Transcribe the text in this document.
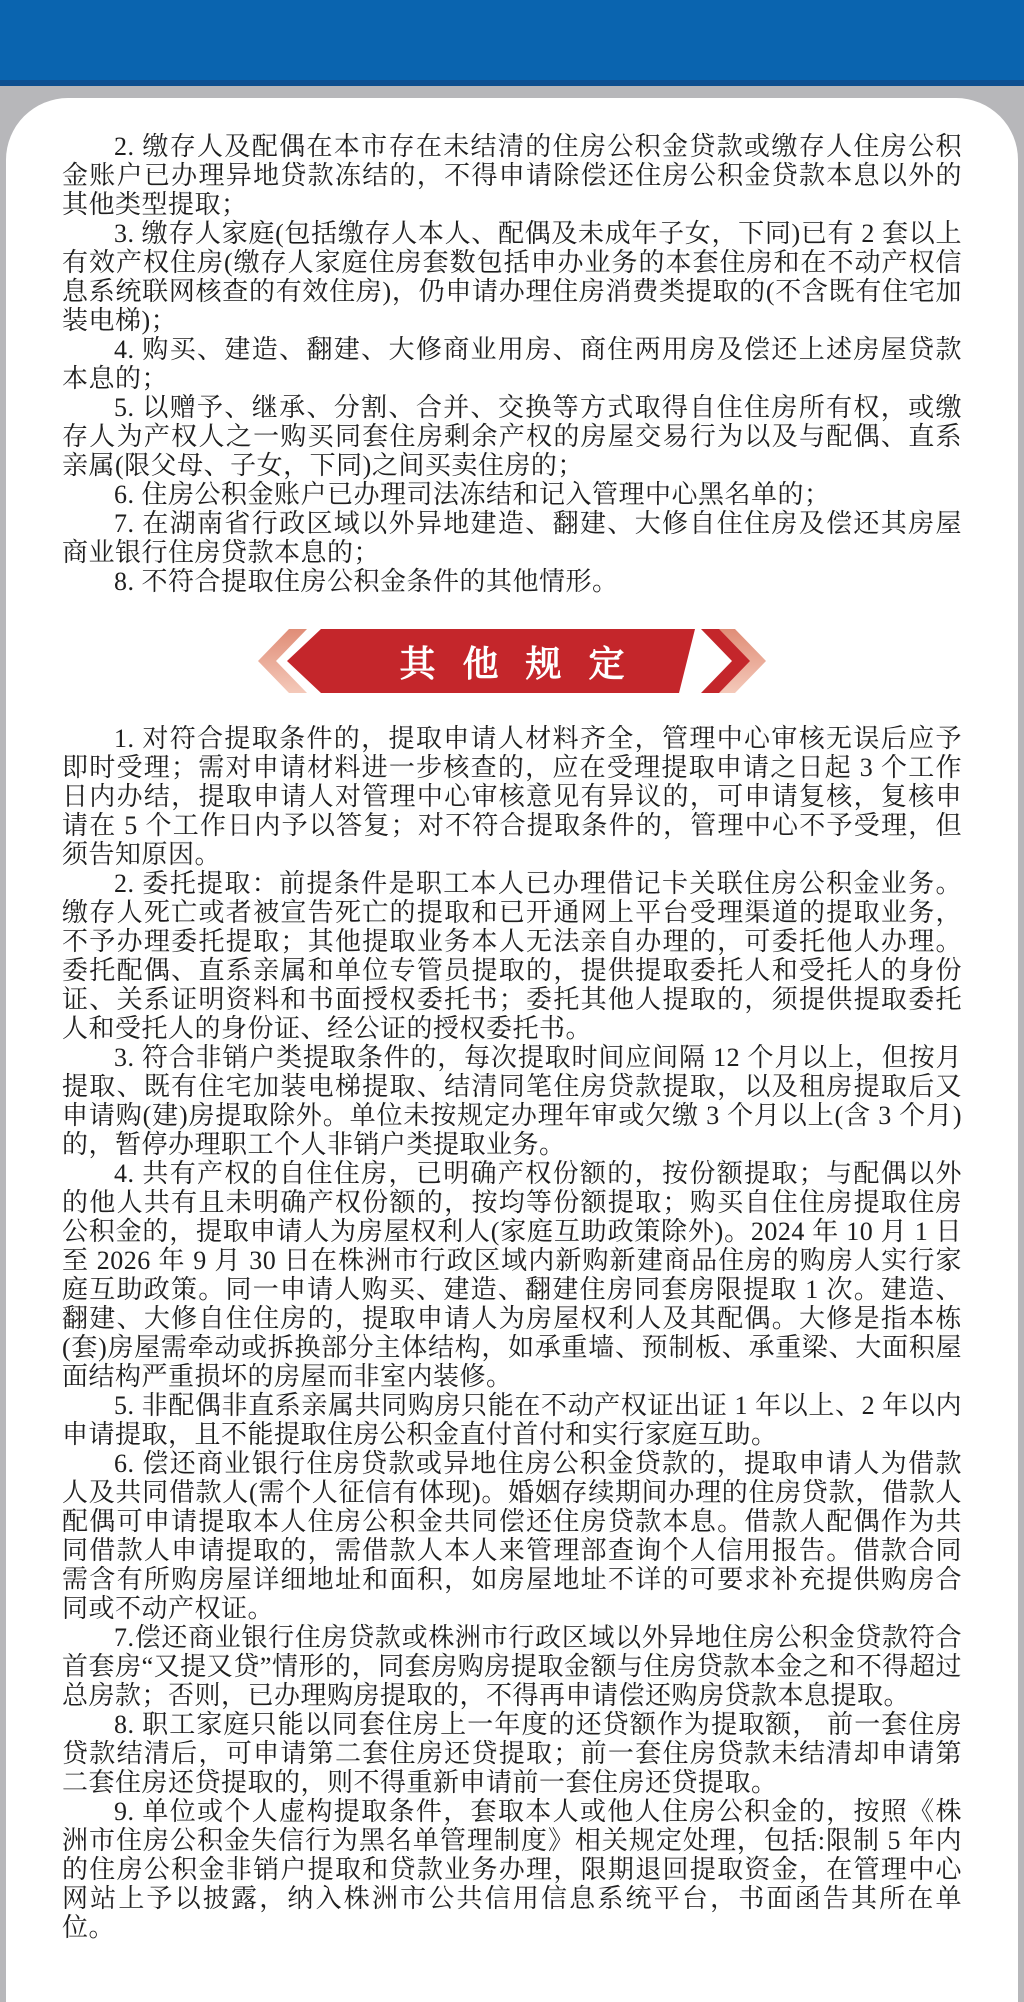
2. 缴存人及配偶在本市存在未结清的住房公积金贷款或缴存人住房公积金账户已办理异地贷款冻结的，不得申请除偿还住房公积金贷款本息以外的其他类型提取；

3. 缴存人家庭(包括缴存人本人、配偶及未成年子女，下同)已有 2 套以上有效产权住房(缴存人家庭住房套数包括申办业务的本套住房和在不动产权信息系统联网核查的有效住房)，仍申请办理住房消费类提取的(不含既有住宅加装电梯)；

4. 购买、建造、翻建、大修商业用房、商住两用房及偿还上述房屋贷款本息的；

5. 以赠予、继承、分割、合并、交换等方式取得自住住房所有权，或缴存人为产权人之一购买同套住房剩余产权的房屋交易行为以及与配偶、直系亲属(限父母、子女，下同)之间买卖住房的；

6. 住房公积金账户已办理司法冻结和记入管理中心黑名单的；

7. 在湖南省行政区域以外异地建造、翻建、大修自住住房及偿还其房屋商业银行住房贷款本息的；

8. 不符合提取住房公积金条件的其他情形。

其 他 规 定

1. 对符合提取条件的，提取申请人材料齐全，管理中心审核无误后应予即时受理；需对申请材料进一步核查的，应在受理提取申请之日起 3 个工作日内办结，提取申请人对管理中心审核意见有异议的，可申请复核，复核申请在 5 个工作日内予以答复；对不符合提取条件的，管理中心不予受理，但须告知原因。

2. 委托提取：前提条件是职工本人已办理借记卡关联住房公积金业务。缴存人死亡或者被宣告死亡的提取和已开通网上平台受理渠道的提取业务，不予办理委托提取；其他提取业务本人无法亲自办理的，可委托他人办理。委托配偶、直系亲属和单位专管员提取的，提供提取委托人和受托人的身份证、关系证明资料和书面授权委托书；委托其他人提取的，须提供提取委托人和受托人的身份证、经公证的授权委托书。

3. 符合非销户类提取条件的，每次提取时间应间隔 12 个月以上，但按月提取、既有住宅加装电梯提取、结清同笔住房贷款提取，以及租房提取后又申请购(建)房提取除外。单位未按规定办理年审或欠缴 3 个月以上(含 3 个月)的，暂停办理职工个人非销户类提取业务。

4. 共有产权的自住住房，已明确产权份额的，按份额提取；与配偶以外的他人共有且未明确产权份额的，按均等份额提取；购买自住住房提取住房公积金的，提取申请人为房屋权利人(家庭互助政策除外)。2024 年 10 月 1 日至 2026 年 9 月 30 日在株洲市行政区域内新购新建商品住房的购房人实行家庭互助政策。同一申请人购买、建造、翻建住房同套房限提取 1 次。建造、翻建、大修自住住房的，提取申请人为房屋权利人及其配偶。大修是指本栋(套)房屋需牵动或拆换部分主体结构，如承重墙、预制板、承重梁、大面积屋面结构严重损坏的房屋而非室内装修。

5. 非配偶非直系亲属共同购房只能在不动产权证出证 1 年以上、2 年以内申请提取，且不能提取住房公积金直付首付和实行家庭互助。

6. 偿还商业银行住房贷款或异地住房公积金贷款的，提取申请人为借款人及共同借款人(需个人征信有体现)。婚姻存续期间办理的住房贷款，借款人配偶可申请提取本人住房公积金共同偿还住房贷款本息。借款人配偶作为共同借款人申请提取的，需借款人本人来管理部查询个人信用报告。借款合同需含有所购房屋详细地址和面积，如房屋地址不详的可要求补充提供购房合同或不动产权证。

7.偿还商业银行住房贷款或株洲市行政区域以外异地住房公积金贷款符合首套房“又提又贷”情形的，同套房购房提取金额与住房贷款本金之和不得超过总房款；否则，已办理购房提取的，不得再申请偿还购房贷款本息提取。

8. 职工家庭只能以同套住房上一年度的还贷额作为提取额， 前一套住房贷款结清后，可申请第二套住房还贷提取；前一套住房贷款未结清却申请第二套住房还贷提取的，则不得重新申请前一套住房还贷提取。

9. 单位或个人虚构提取条件，套取本人或他人住房公积金的，按照《株洲市住房公积金失信行为黑名单管理制度》相关规定处理，包括:限制 5 年内的住房公积金非销户提取和贷款业务办理，限期退回提取资金，在管理中心网站上予以披露，纳入株洲市公共信用信息系统平台，书面函告其所在单位。
